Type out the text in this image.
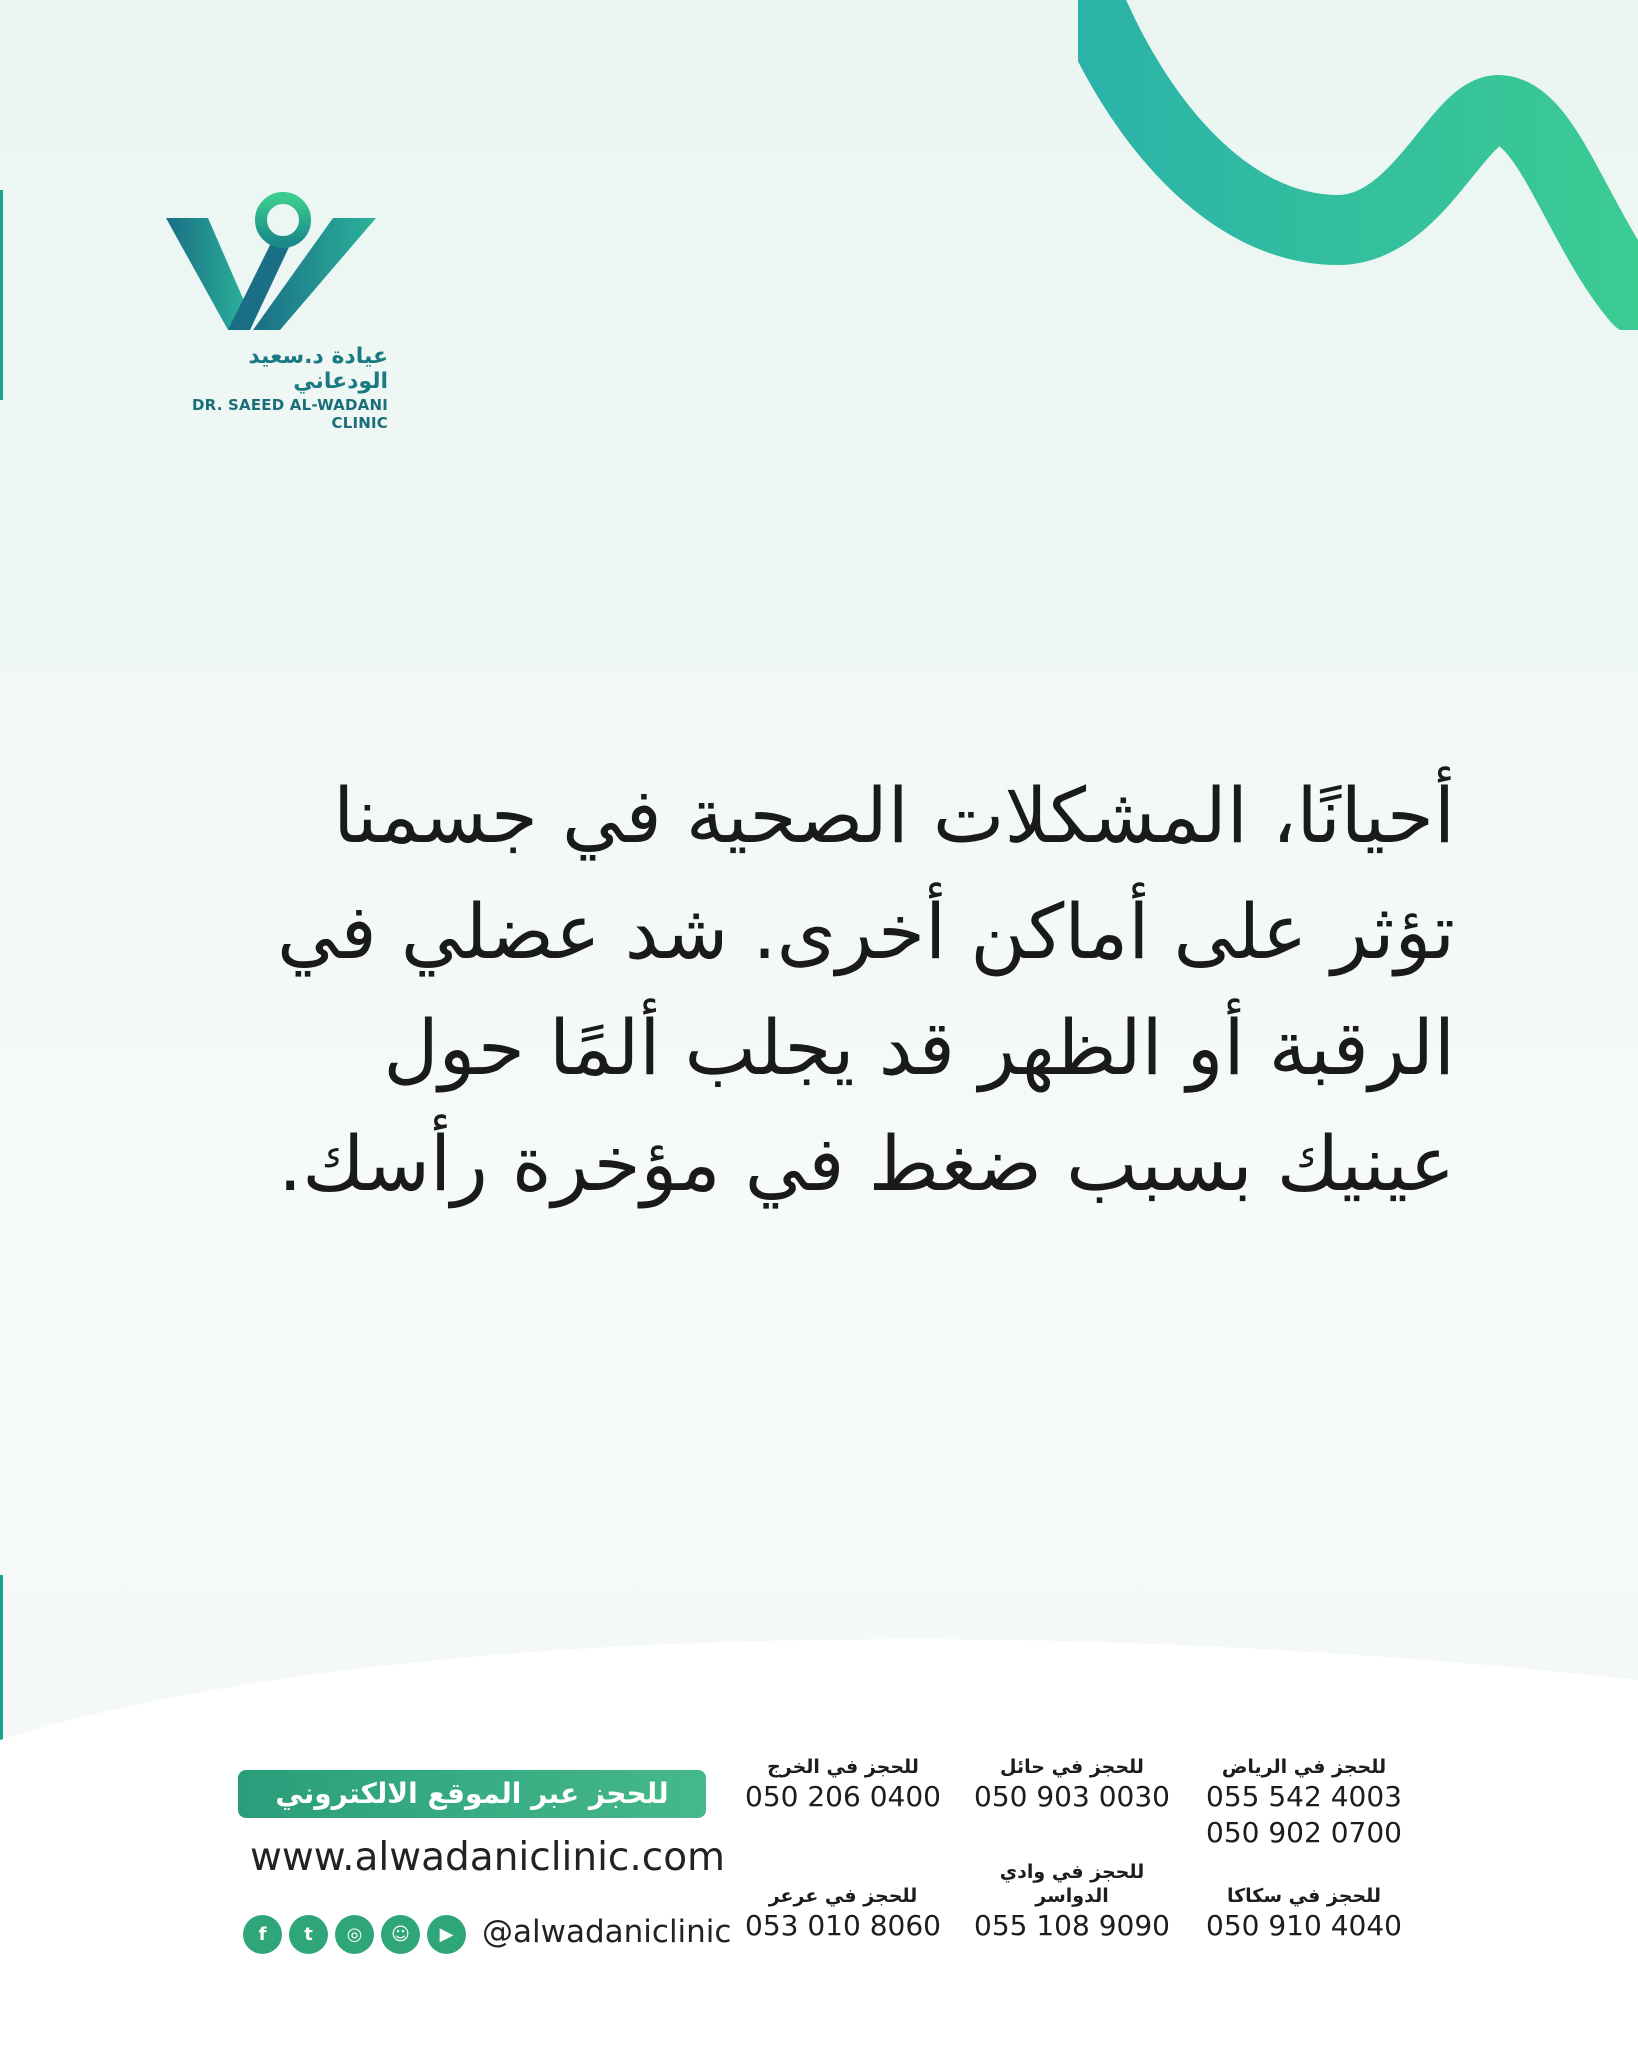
عيادة د.سعيد الودعاني
DR. SAEED AL-WADANI CLINIC
أحيانًا، المشكلات الصحية في جسمنا
تؤثر على أماكن أخرى. شد عضلي في
الرقبة أو الظهر قد يجلب ألمًا حول
عينيك بسبب ضغط في مؤخرة رأسك.
للحجز عبر الموقع الالكتروني
www.alwadaniclinic.com
f	t	◎	☺	▶ @alwadaniclinic
للحجز في الرياض
055 542 4003
050 902 0700
للحجز في حائل
050 903 0030
للحجز في الخرج
050 206 0400
للحجز في سكاكا
050 910 4040
للحجز في وادي الدواسر
055 108 9090
للحجز في عرعر
053 010 8060
